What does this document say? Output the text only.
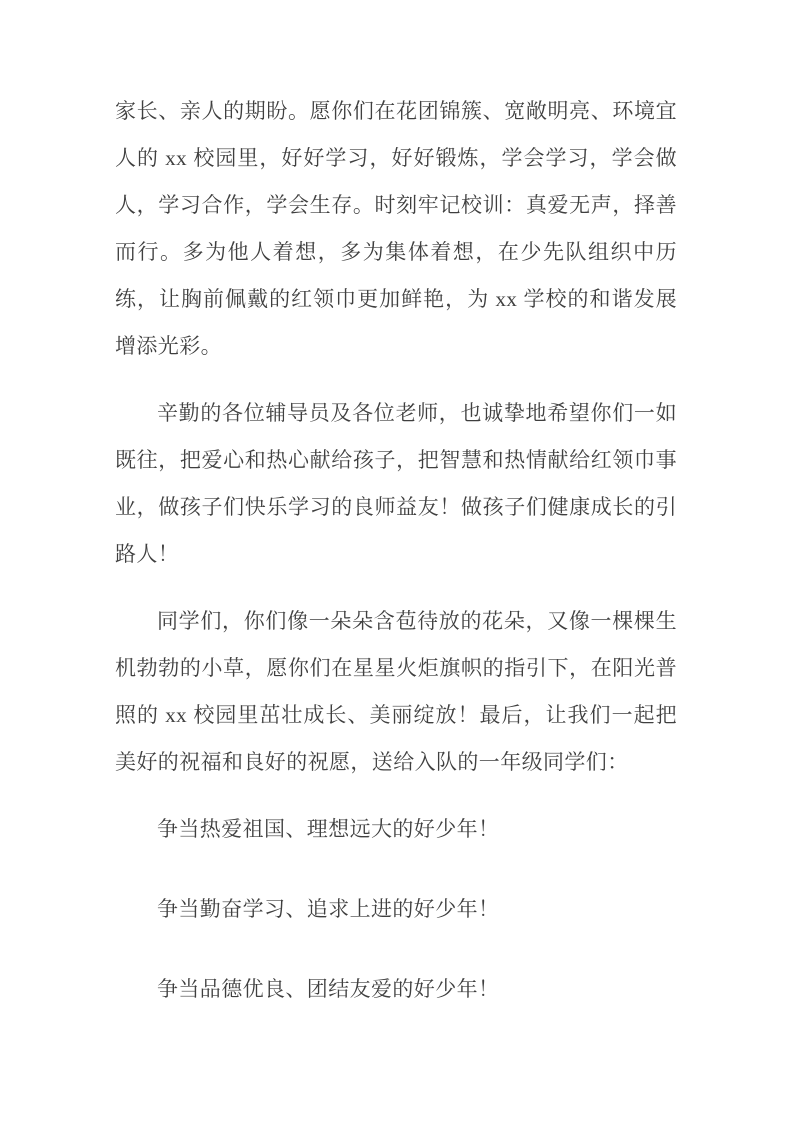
家长、亲人的期盼。愿你们在花团锦簇、宽敞明亮、环境宜人的 xx 校园里，好好学习，好好锻炼，学会学习，学会做人，学习合作，学会生存。时刻牢记校训：真爱无声，择善而行。多为他人着想，多为集体着想，在少先队组织中历练，让胸前佩戴的红领巾更加鲜艳，为 xx 学校的和谐发展增添光彩。

辛勤的各位辅导员及各位老师，也诚挚地希望你们一如既往，把爱心和热心献给孩子，把智慧和热情献给红领巾事业，做孩子们快乐学习的良师益友！做孩子们健康成长的引路人！

同学们，你们像一朵朵含苞待放的花朵，又像一棵棵生机勃勃的小草，愿你们在星星火炬旗帜的指引下，在阳光普照的 xx 校园里茁壮成长、美丽绽放！最后，让我们一起把美好的祝福和良好的祝愿，送给入队的一年级同学们：

争当热爱祖国、理想远大的好少年！

争当勤奋学习、追求上进的好少年！

争当品德优良、团结友爱的好少年！
